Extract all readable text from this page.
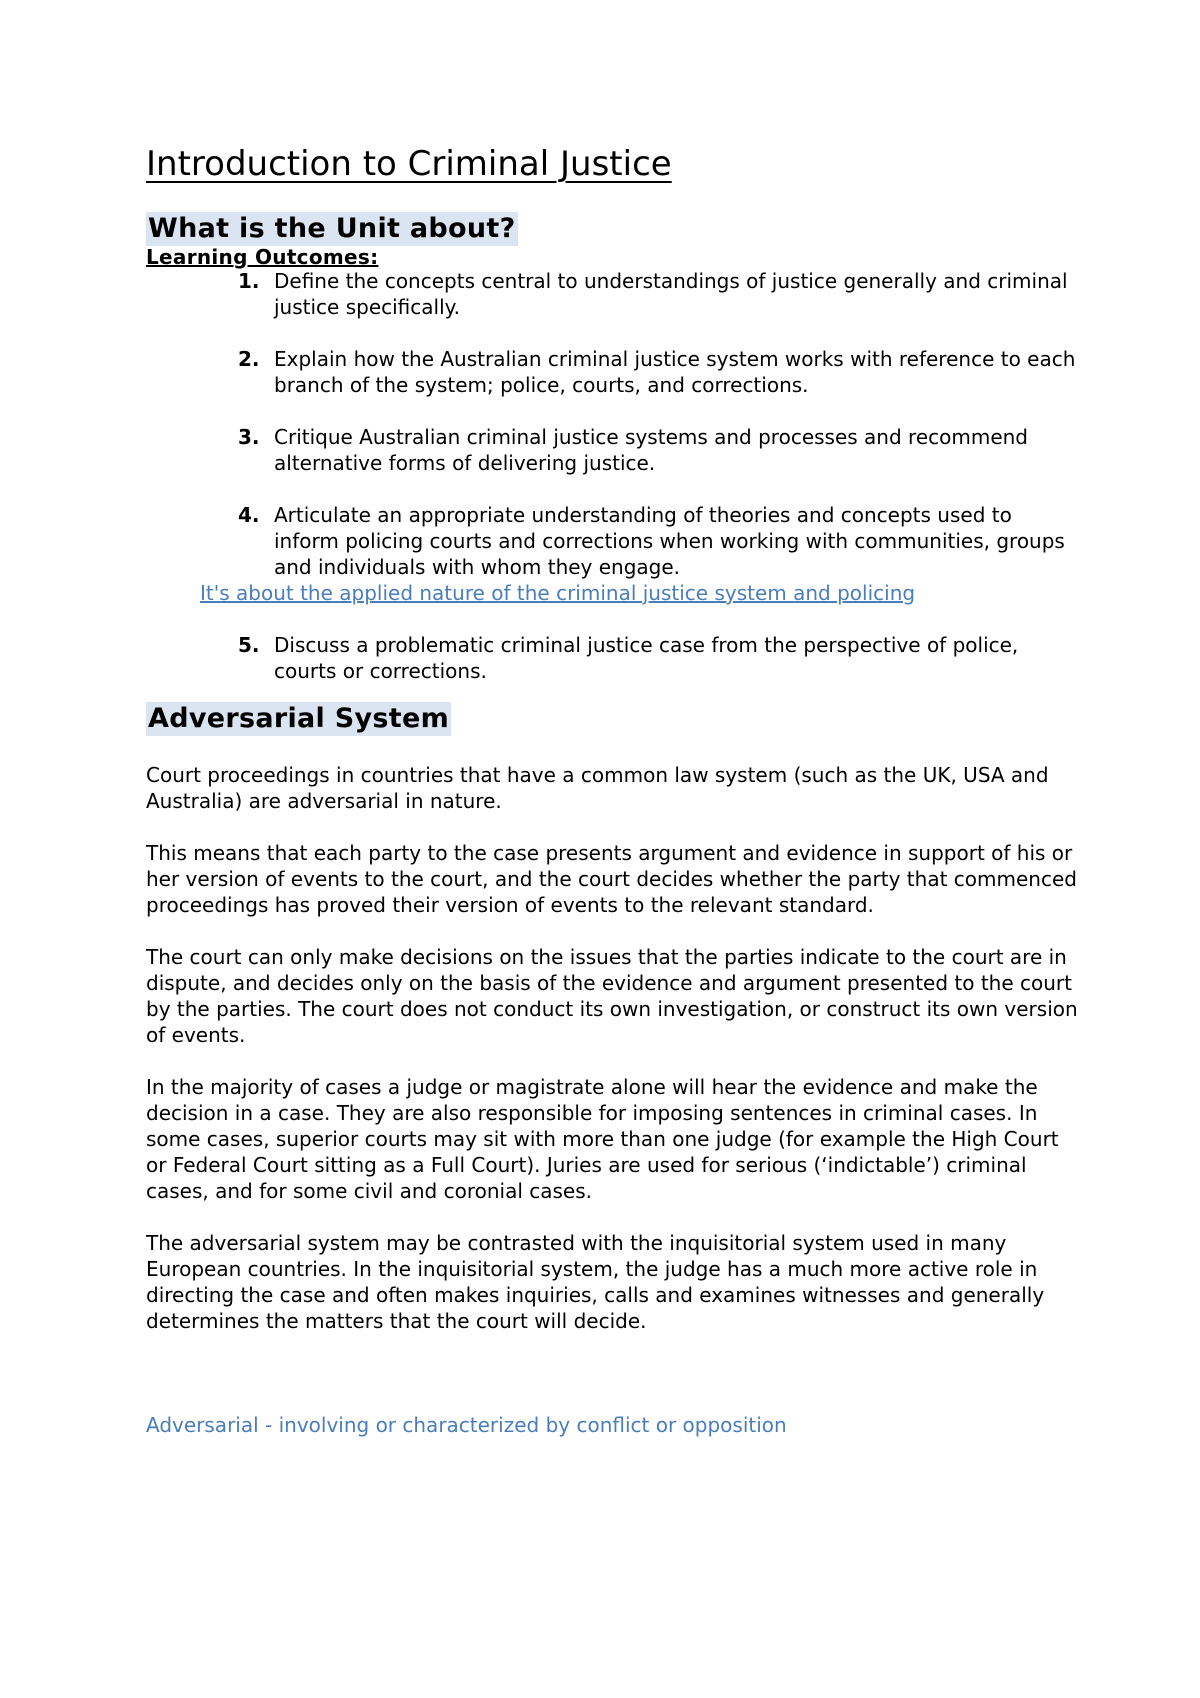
Introduction to Criminal Justice
What is the Unit about?
Learning Outcomes:
1. Define the concepts central to understandings of justice generally and criminal justice specifically.
2. Explain how the Australian criminal justice system works with reference to each branch of the system; police, courts, and corrections.
3. Critique Australian criminal justice systems and processes and recommend alternative forms of delivering justice.
4. Articulate an appropriate understanding of theories and concepts used to inform policing courts and corrections when working with communities, groups and individuals with whom they engage.

It's about the applied nature of the criminal justice system and policing

5. Discuss a problematic criminal justice case from the perspective of police, courts or corrections.
Adversarial System

Court proceedings in countries that have a common law system (such as the UK, USA and Australia) are adversarial in nature.

This means that each party to the case presents argument and evidence in support of his or her version of events to the court, and the court decides whether the party that commenced proceedings has proved their version of events to the relevant standard.

The court can only make decisions on the issues that the parties indicate to the court are in dispute, and decides only on the basis of the evidence and argument presented to the court by the parties. The court does not conduct its own investigation, or construct its own version of events.

In the majority of cases a judge or magistrate alone will hear the evidence and make the decision in a case. They are also responsible for imposing sentences in criminal cases. In some cases, superior courts may sit with more than one judge (for example the High Court or Federal Court sitting as a Full Court). Juries are used for serious (‘indictable’) criminal cases, and for some civil and coronial cases.

The adversarial system may be contrasted with the inquisitorial system used in many European countries. In the inquisitorial system, the judge has a much more active role in directing the case and often makes inquiries, calls and examines witnesses and generally determines the matters that the court will decide.

Adversarial - involving or characterized by conflict or opposition
